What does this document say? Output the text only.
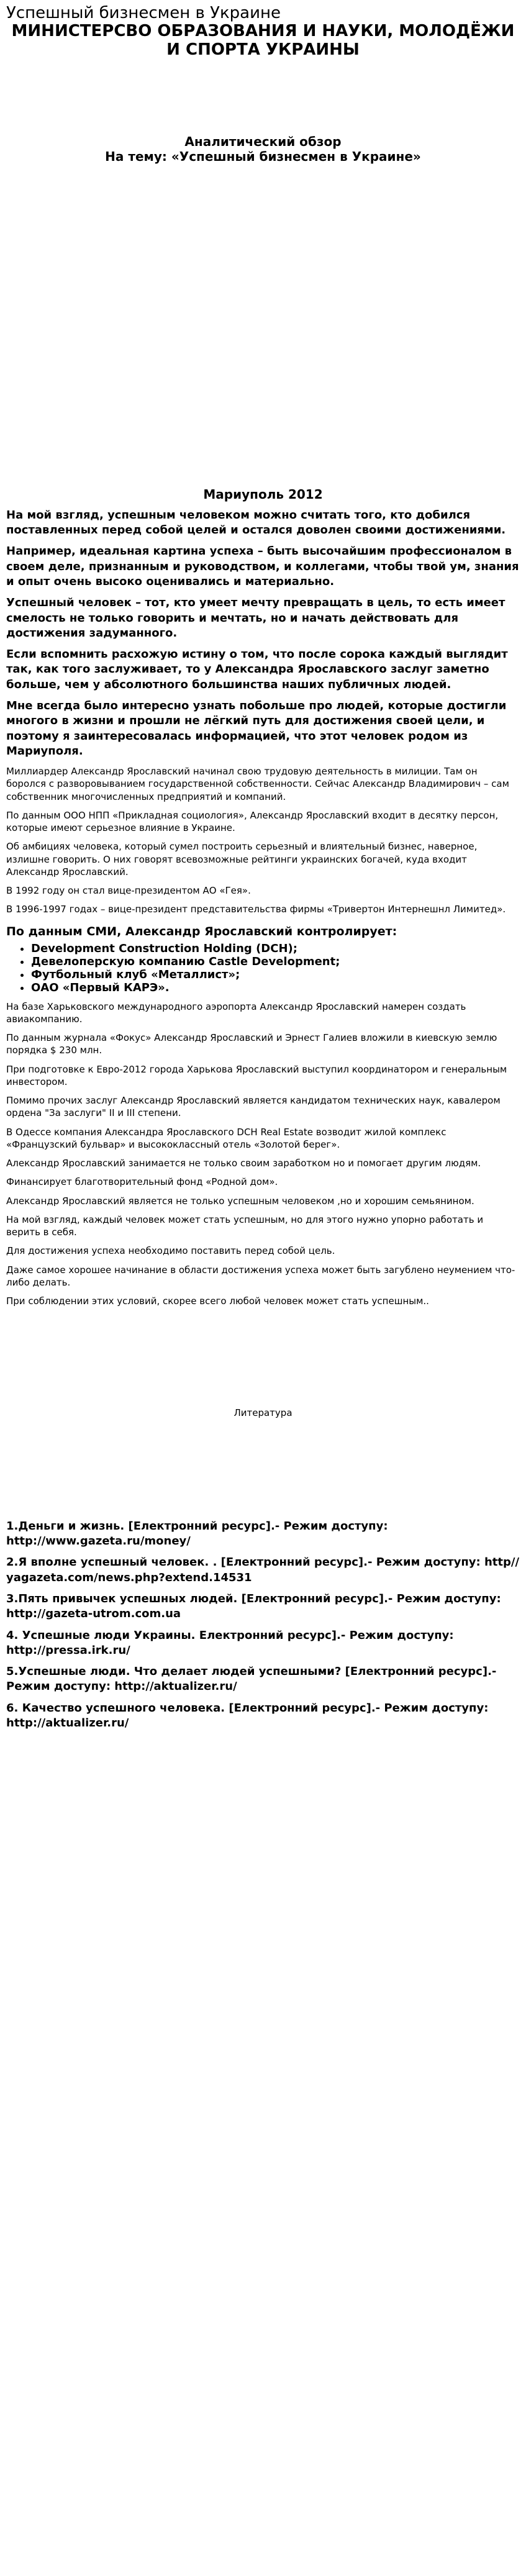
Успешный бизнесмен в Украине
МИНИСТЕРСВО ОБРАЗОВАНИЯ И НАУКИ, МОЛОДЁЖИ И СПОРТА УКРАИНЫ
Аналитический обзор
На тему: «Успешный бизнесмен в Украине»
Мариуполь 2012
На мой взгляд, успешным человеком можно считать того, кто добился поставленных перед собой целей и остался доволен своими достижениями.
Например, идеальная картина успеха – быть высочайшим профессионалом в своем деле, признанным и руководством, и коллегами, чтобы твой ум, знания и опыт очень высоко оценивались и материально.
Успешный человек – тот, кто умеет мечту превращать в цель, то есть имеет смелость не только говорить и мечтать, но и начать действовать для достижения задуманного.
Если вспомнить расхожую истину о том, что после сорока каждый выглядит так, как того заслуживает, то у Александра Ярославского заслуг заметно больше, чем у абсолютного большинства наших публичных людей.
Мне всегда было интересно узнать побольше про людей, которые достигли многого в жизни и прошли не лёгкий путь для достижения своей цели, и поэтому я заинтересовалась информацией, что этот человек родом из Мариуполя.
Миллиардер Александр Ярославский начинал свою трудовую деятельность в милиции. Там он боролся с разворовыванием государственной собственности. Сейчас Александр Владимирович – сам собственник многочисленных предприятий и компаний.
По данным ООО НПП «Прикладная социология», Александр Ярославский входит в десятку персон, которые имеют серьезное влияние в Украине.
Об амбициях человека, который сумел построить серьезный и влиятельный бизнес, наверное, излишне говорить. О них говорят всевозможные рейтинги украинских богачей, куда входит Александр Ярославский.
В 1992 году он стал вице-президентом АО «Гея».
В 1996-1997 годах – вице-президент представительства фирмы «Тривертон Интернешнл Лимитед».
По данным СМИ, Александр Ярославский контролирует:
• Development Construction Holding (DCH);
• Девелоперскую компанию Castle Development;
• Футбольный клуб «Металлист»;
• ОАО «Первый КАРЭ».
На базе Харьковского международного аэропорта Александр Ярославский намерен создать авиакомпанию.
По данным журнала «Фокус» Александр Ярославский и Эрнест Галиев вложили в киевскую землю порядка $ 230 млн.
При подготовке к Евро-2012 города Харькова Ярославский выступил координатором и генеральным инвестором.
Помимо прочих заслуг Александр Ярославский является кандидатом технических наук, кавалером ордена "За заслуги" II и III степени.
В Одессе компания Александра Ярославского DCH Real Estate возводит жилой комплекс «Французский бульвар» и высококлассный отель «Золотой берег».
Александр Ярославский занимается не только своим заработком но и помогает другим людям.
Финансирует благотворительный фонд «Родной дом».
Александр Ярославский является не только успешным человеком ,но и хорошим семьянином.
На мой взгляд, каждый человек может стать успешным, но для этого нужно упорно работать и верить в себя.
Для достижения успеха необходимо поставить перед собой цель.
Даже самое хорошее начинание в области достижения успеха может быть загублено неумением что-либо делать.
При соблюдении этих условий, скорее всего любой человек может стать успешным..
Литература
1.Деньги и жизнь. [Електронний ресурс].- Режим доступу: http://www.gazeta.ru/money/
2.Я вполне успешный человек. . [Електронний ресурс].- Режим доступу: http// yagazeta.com/news.php?extend.14531
3.Пять привычек успешных людей. [Електронний ресурс].- Режим доступу: http://gazeta-utrom.com.ua
4. Успешные люди Украины. Електронний ресурс].- Режим доступу: http://pressa.irk.ru/
5.Успешные люди. Что делает людей успешными? [Електронний ресурс].- Режим доступу: http://aktualizer.ru/
6. Качество успешного человека. [Електронний ресурс].- Режим доступу: http://aktualizer.ru/
